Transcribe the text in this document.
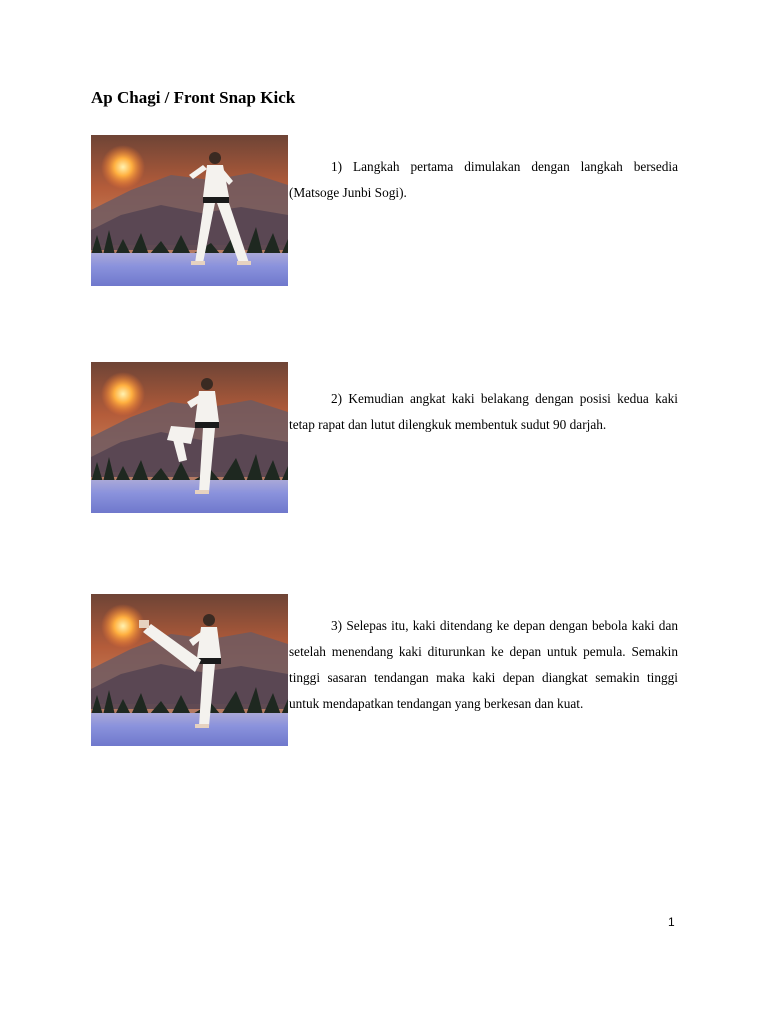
Ap Chagi / Front Snap Kick

1) Langkah pertama dimulakan dengan langkah bersedia (Matsoge Junbi Sogi).

2) Kemudian angkat kaki belakang dengan posisi kedua kaki tetap rapat dan lutut dilengkuk membentuk sudut 90 darjah.

3) Selepas itu, kaki ditendang ke depan dengan bebola kaki dan setelah menendang kaki diturunkan ke depan untuk pemula. Semakin tinggi sasaran tendangan maka kaki depan diangkat semakin tinggi untuk mendapatkan tendangan yang berkesan dan kuat.

1
